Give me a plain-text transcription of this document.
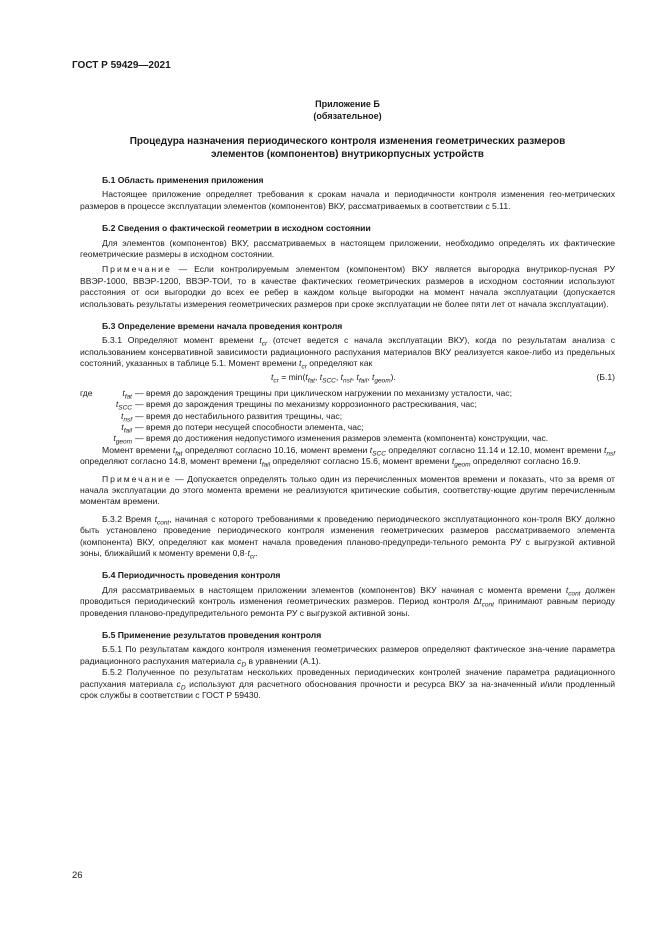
ГОСТ Р 59429—2021
Приложение Б
(обязательное)
Процедура назначения периодического контроля изменения геометрических размеров
элементов (компонентов) внутрикорпусных устройств
Б.1 Область применения приложения

Настоящее приложение определяет требования к срокам начала и периодичности контроля изменения гео-метрических размеров в процессе эксплуатации элементов (компонентов) ВКУ, рассматриваемых в соответствии с 5.11.

Б.2 Сведения о фактической геометрии в исходном состоянии

Для элементов (компонентов) ВКУ, рассматриваемых в настоящем приложении, необходимо определять их фактические геометрические размеры в исходном состоянии.

Примечание — Если контролируемым элементом (компонентом) ВКУ является выгородка внутрикор-пусная РУ ВВЭР-1000, ВВЭР-1200, ВВЭР-ТОИ, то в качестве фактических геометрических размеров в исходном состоянии используют расстояния от оси выгородки до всех ее ребер в каждом кольце выгородки на момент начала эксплуатации (допускается использовать результаты измерения геометрических размеров при сроке эксплуатации не более пяти лет от начала эксплуатации).

Б.3 Определение времени начала проведения контроля

Б.3.1 Определяют момент времени $t_{cr}$ (отсчет ведется с начала эксплуатации ВКУ), когда по результатам анализа с использованием консервативной зависимости радиационного распухания материалов ВКУ реализуется какое-либо из предельных состояний, указанных в таблице 5.1. Момент времени $t_{cr}$ определяют как

$t_{cr} = \min(t_{fat}$, $t_{SCC}$, $t_{nsf}$, $t_{fail}$, $t_{geom}$).	(Б.1)
где	$t_{fat}$ — время до зарождения трещины при циклическом нагружении по механизму усталости, час;
$t_{SCC}$ — время до зарождения трещины по механизму коррозионного растрескивания, час;
$t_{nsf}$ — время до нестабильного развития трещины, час;
$t_{fail}$ — время до потери несущей способности элемента, час;
$t_{geom}$ — время до достижения недопустимого изменения размеров элемента (компонента) конструкции, час.

Момент времени $t_{fat}$ определяют согласно 10.16, момент времени $t_{SCC}$ определяют согласно 11.14 и 12.10, момент времени $t_{nsf}$ определяют согласно 14.8, момент времени $t_{fail}$ определяют согласно 15.6, момент времени $t_{geom}$ определяют согласно 16.9.

Примечание — Допускается определять только один из перечисленных моментов времени и показать, что за время от начала эксплуатации до этого момента времени не реализуются критические события, соответству-ющие другим перечисленным моментам времени.

Б.3.2 Время $t_{cont}$, начиная с которого требованиями к проведению периодического эксплуатационного кон-троля ВКУ должно быть установлено проведение периодического контроля изменения геометрических размеров рассматриваемого элемента (компонента) ВКУ, определяют как момент начала проведения планово-предупреди-тельного ремонта РУ с выгрузкой активной зоны, ближайший к моменту времени $0,8\cdot t_{cr}$.

Б.4 Периодичность проведения контроля

Для рассматриваемых в настоящем приложении элементов (компонентов) ВКУ начиная с момента времени $t_{cont}$ должен проводиться периодический контроль изменения геометрических размеров. Период контроля $\Delta t_{cont}$ принимают равным периоду проведения планово-предупредительного ремонта РУ с выгрузкой активной зоны.

Б.5 Применение результатов проведения контроля

Б.5.1 По результатам каждого контроля изменения геометрических размеров определяют фактическое зна-чение параметра радиационного распухания материала $c_D$ в уравнении (А.1).

Б.5.2 Полученное по результатам нескольких проведенных периодических контролей значение параметра радиационного распухания материала $c_D$ используют для расчетного обоснования прочности и ресурса ВКУ за на-значенный и/или продленный срок службы в соответствии с ГОСТ Р 59430.

26
